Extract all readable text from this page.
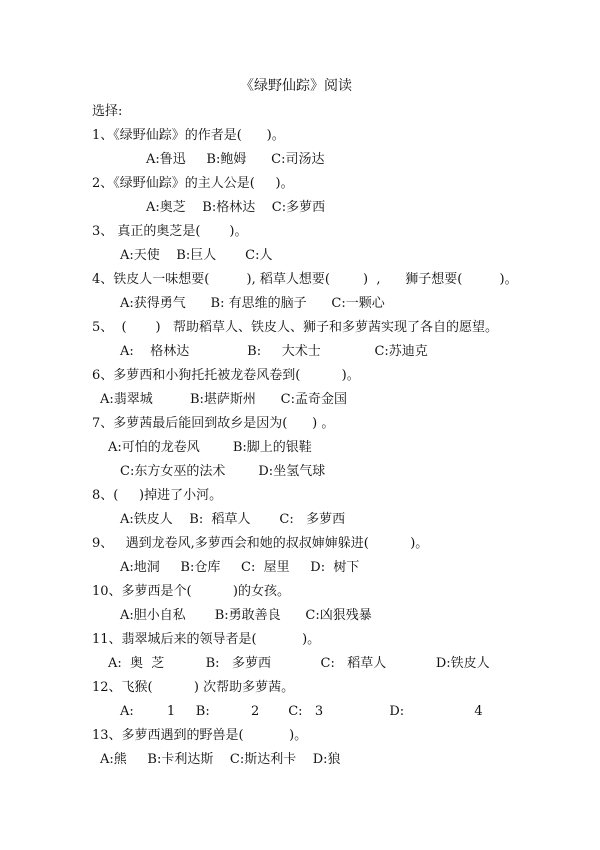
《绿野仙踪》阅读
选择:
1、《绿野仙踪》的作者是(      )。
A:鲁迅     B:鲍姆      C:司汤达
2、《绿野仙踪》的主人公是(     )。
A:奥芝    B:格林达    C:多萝西
3、 真正的奥芝是(       )。
A:天使    B:巨人       C:人
4、铁皮人一味想要(         ), 稻草人想要(        )  ,      狮子想要(         )。
A:获得勇气      B: 有思维的脑子      C:一颗心
5、  (       )   帮助稻草人、铁皮人、狮子和多萝茜实现了各自的愿望。
A:    格林达              B:     大术士             C:苏迪克
6、多萝西和小狗托托被龙卷风卷到(          )。
A:翡翠城         B:堪萨斯州      C:孟奇金国
7、多萝茜最后能回到故乡是因为(      ) 。
A:可怕的龙卷风        B:脚上的银鞋
C:东方女巫的法术        D:坐氢气球
8、(     )掉进了小河。
A:铁皮人    B:  稻草人       C:   多萝西
9、   遇到龙卷风,多萝西会和她的叔叔婶婶躲进(          )。
A:地洞     B:仓库     C:  屋里     D:  树下
10、多萝西是个(          )的女孩。
A:胆小自私       B:勇敢善良      C:凶狠残暴
11、翡翠城后来的领导者是(           )。
A:  奥  芝          B:   多萝西            C:   稻草人            D:铁皮人
12、飞猴(          ) 次帮助多萝茜。
A:        1     B:          2       C:   3                D:                 4
13、多萝西遇到的野兽是(           )。
A:熊     B:卡利达斯    C:斯达利卡    D:狼
